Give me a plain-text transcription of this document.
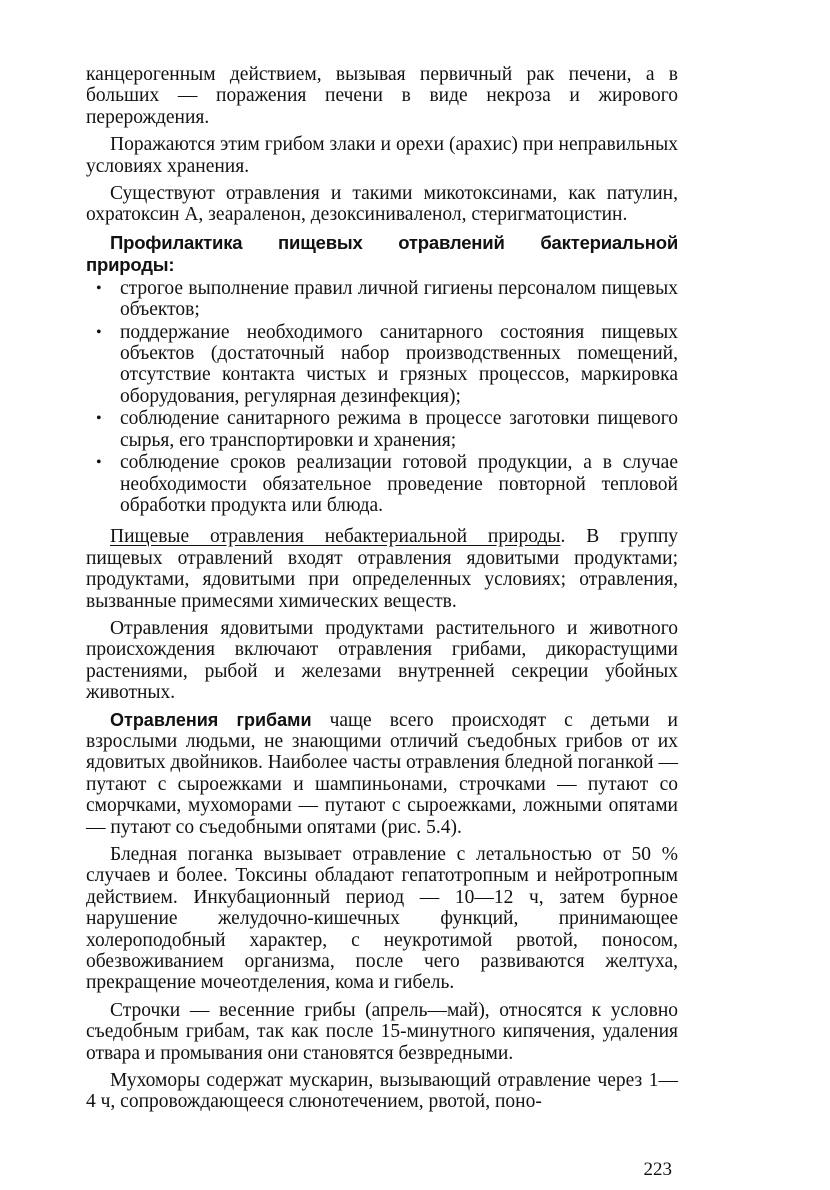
канцерогенным действием, вызывая первичный рак печени, а в больших — поражения печени в виде некроза и жирового перерождения.

Поражаются этим грибом злаки и орехи (арахис) при неправильных условиях хранения.

Существуют отравления и такими микотоксинами, как патулин, охратоксин А, зеараленон, дезоксиниваленол, стеригматоцистин.

Профилактика пищевых отравлений бактериальной природы:

• строгое выполнение правил личной гигиены персоналом пищевых объектов;
• поддержание необходимого санитарного состояния пищевых объектов (достаточный набор производственных помещений, отсутствие контакта чистых и грязных процессов, маркировка оборудования, регулярная дезинфекция);
• соблюдение санитарного режима в процессе заготовки пищевого сырья, его транспортировки и хранения;
• соблюдение сроков реализации готовой продукции, а в случае необходимости обязательное проведение повторной тепловой обработки продукта или блюда.

Пищевые отравления небактериальной природы. В группу пищевых отравлений входят отравления ядовитыми продуктами; продуктами, ядовитыми при определенных условиях; отравления, вызванные примесями химических веществ.

Отравления ядовитыми продуктами растительного и животного происхождения включают отравления грибами, дикорастущими растениями, рыбой и железами внутренней секреции убойных животных.

Отравления грибами чаще всего происходят с детьми и взрослыми людьми, не знающими отличий съедобных грибов от их ядовитых двойников. Наиболее часты отравления бледной поганкой — путают с сыроежками и шампиньонами, строчками — путают со сморчками, мухоморами — путают с сыроежками, ложными опятами — путают со съедобными опятами (рис. 5.4).

Бледная поганка вызывает отравление с летальностью от 50 % случаев и более. Токсины обладают гепатотропным и нейротропным действием. Инкубационный период — 10—12 ч, затем бурное нарушение желудочно-кишечных функций, принимающее холероподобный характер, с неукротимой рвотой, поносом, обезвоживанием организма, после чего развиваются желтуха, прекращение мочеотделения, кома и гибель.

Строчки — весенние грибы (апрель—май), относятся к условно съедобным грибам, так как после 15-минутного кипячения, удаления отвара и промывания они становятся безвредными.

Мухоморы содержат мускарин, вызывающий отравление через 1—4 ч, сопровождающееся слюнотечением, рвотой, поно-

223
